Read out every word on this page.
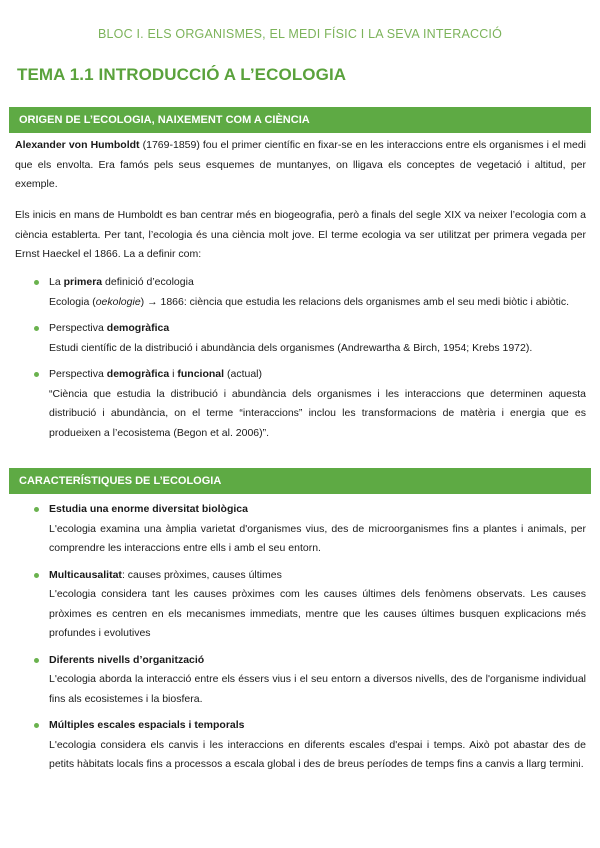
BLOC I. ELS ORGANISMES, EL MEDI FÍSIC I LA SEVA INTERACCIÓ
TEMA 1.1 INTRODUCCIÓ A L’ECOLOGIA
ORIGEN DE L’ECOLOGIA, NAIXEMENT COM A CIÈNCIA

Alexander von Humboldt (1769-1859) fou el primer científic en fixar-se en les interaccions entre els organismes i el medi que els envolta. Era famós pels seus esquemes de muntanyes, on lligava els conceptes de vegetació i altitud, per exemple.

Els inicis en mans de Humboldt es ban centrar més en biogeografia, però a finals del segle XIX va neixer l’ecologia com a ciència establerta. Per tant, l’ecologia és una ciència molt jove. El terme ecologia va ser utilitzat per primera vegada per Ernst Haeckel el 1866. La a definir com:

La primera definició d’ecologia
Ecologia (oekologie) → 1866: ciència que estudia les relacions dels organismes amb el seu medi biòtic i abiòtic.
Perspectiva demogràfica
Estudi científic de la distribució i abundància dels organismes (Andrewartha & Birch, 1954; Krebs 1972).
Perspectiva demogràfica i funcional (actual)
“Ciència que estudia la distribució i abundància dels organismes i les interaccions que determinen aquesta distribució i abundància, on el terme “interaccions” inclou les transformacions de matèria i energia que es produeixen a l’ecosistema (Begon et al. 2006)”.
CARACTERÍSTIQUES DE L’ECOLOGIA
Estudia una enorme diversitat biològica
L'ecologia examina una àmplia varietat d'organismes vius, des de microorganismes fins a plantes i animals, per comprendre les interaccions entre ells i amb el seu entorn.
Multicausalitat: causes pròximes, causes últimes
L'ecologia considera tant les causes pròximes com les causes últimes dels fenòmens observats. Les causes pròximes es centren en els mecanismes immediats, mentre que les causes últimes busquen explicacions més profundes i evolutives
Diferents nivells d’organització
L'ecologia aborda la interacció entre els éssers vius i el seu entorn a diversos nivells, des de l'organisme individual fins als ecosistemes i la biosfera.
Múltiples escales espacials i temporals
L'ecologia considera els canvis i les interaccions en diferents escales d'espai i temps. Això pot abastar des de petits hàbitats locals fins a processos a escala global i des de breus períodes de temps fins a canvis a llarg termini.
